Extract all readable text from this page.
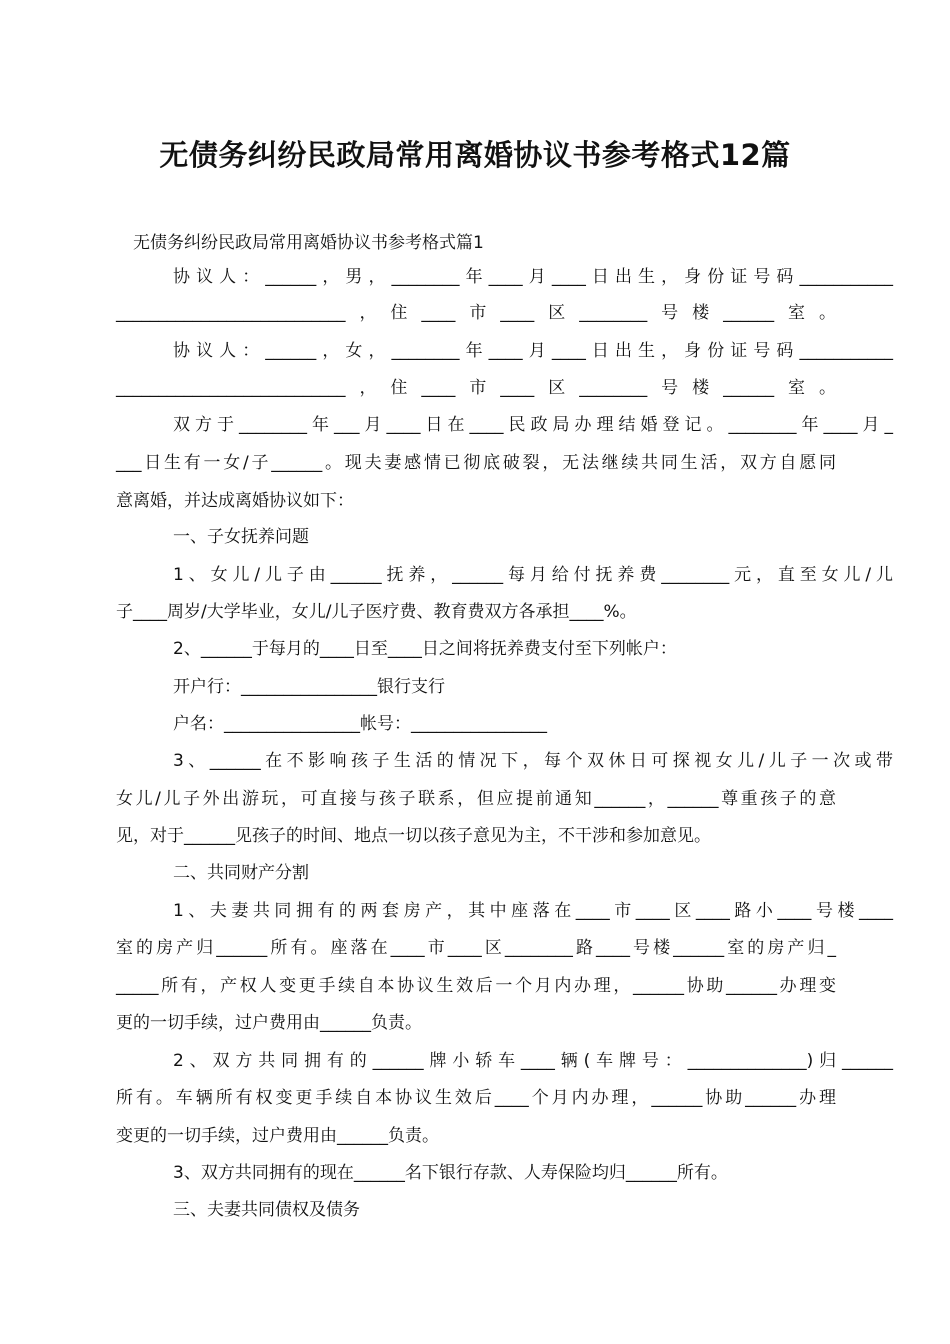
无债务纠纷民政局常用离婚协议书参考格式12篇
无债务纠纷民政局常用离婚协议书参考格式篇1
协议人：______，男，________年____月____日出生，身份证号码___________
___________________________，住____市____区________号楼______室。
协议人：______，女，________年____月____日出生，身份证号码___________
___________________________，住____市____区________号楼______室。
双方于________年___月____日在____民政局办理结婚登记。________年____月_
___日生有一女/子______。现夫妻感情已彻底破裂，无法继续共同生活，双方自愿同
意离婚，并达成离婚协议如下：
一、子女抚养问题
1、女儿/儿子由______抚养，______每月给付抚养费________元，直至女儿/儿
子____周岁/大学毕业，女儿/儿子医疗费、教育费双方各承担____%。
2、______于每月的____日至____日之间将抚养费支付至下列帐户：
开户行：________________银行支行
户名：________________帐号：________________
3、______在不影响孩子生活的情况下，每个双休日可探视女儿/儿子一次或带
女儿/儿子外出游玩，可直接与孩子联系，但应提前通知______，______尊重孩子的意
见，对于______见孩子的时间、地点一切以孩子意见为主，不干涉和参加意见。
二、共同财产分割
1、夫妻共同拥有的两套房产，其中座落在____市____区____路小____号楼____
室的房产归______所有。座落在____市____区________路____号楼______室的房产归_
_____所有，产权人变更手续自本协议生效后一个月内办理，______协助______办理变
更的一切手续，过户费用由______负责。
2、双方共同拥有的______牌小轿车____辆(车牌号：______________)归______
所有。车辆所有权变更手续自本协议生效后____个月内办理，______协助______办理
变更的一切手续，过户费用由______负责。
3、双方共同拥有的现在______名下银行存款、人寿保险均归______所有。
三、夫妻共同债权及债务
